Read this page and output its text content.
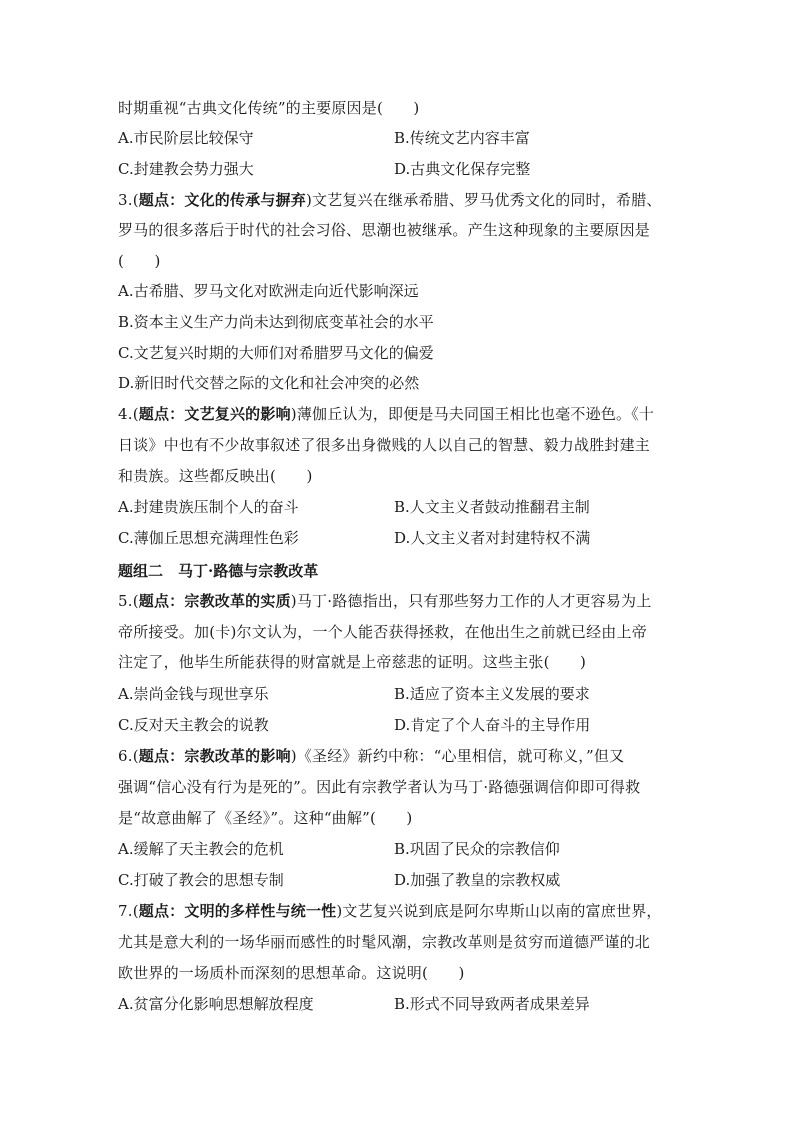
时期重视“古典文化传统”的主要原因是(　　)
A.市民阶层比较保守	B.传统文艺内容丰富
C.封建教会势力强大	D.古典文化保存完整
3.(题点：文化的传承与摒弃)文艺复兴在继承希腊、罗马优秀文化的同时，希腊、
罗马的很多落后于时代的社会习俗、思潮也被继承。产生这种现象的主要原因是
(　　)
A.古希腊、罗马文化对欧洲走向近代影响深远
B.资本主义生产力尚未达到彻底变革社会的水平
C.文艺复兴时期的大师们对希腊罗马文化的偏爱
D.新旧时代交替之际的文化和社会冲突的必然
4.(题点：文艺复兴的影响)薄伽丘认为，即便是马夫同国王相比也毫不逊色。《十
日谈》中也有不少故事叙述了很多出身微贱的人以自己的智慧、毅力战胜封建主
和贵族。这些都反映出(　　)
A.封建贵族压制个人的奋斗	B.人文主义者鼓动推翻君主制
C.薄伽丘思想充满理性色彩	D.人文主义者对封建特权不满
题组二　马丁·路德与宗教改革
5.(题点：宗教改革的实质)马丁·路德指出，只有那些努力工作的人才更容易为上
帝所接受。加(卡)尔文认为，一个人能否获得拯救，在他出生之前就已经由上帝
注定了，他毕生所能获得的财富就是上帝慈悲的证明。这些主张(　　)
A.崇尚金钱与现世享乐	B.适应了资本主义发展的要求
C.反对天主教会的说教	D.肯定了个人奋斗的主导作用
6.(题点：宗教改革的影响)《圣经》新约中称：“心里相信，就可称义，”但又
强调“信心没有行为是死的”。因此有宗教学者认为马丁·路德强调信仰即可得救
是“故意曲解了《圣经》”。这种“曲解”(　　)
A.缓解了天主教会的危机	B.巩固了民众的宗教信仰
C.打破了教会的思想专制	D.加强了教皇的宗教权威
7.(题点：文明的多样性与统一性)文艺复兴说到底是阿尔卑斯山以南的富庶世界，
尤其是意大利的一场华丽而感性的时髦风潮，宗教改革则是贫穷而道德严谨的北
欧世界的一场质朴而深刻的思想革命。这说明(　　)
A.贫富分化影响思想解放程度	B.形式不同导致两者成果差异
